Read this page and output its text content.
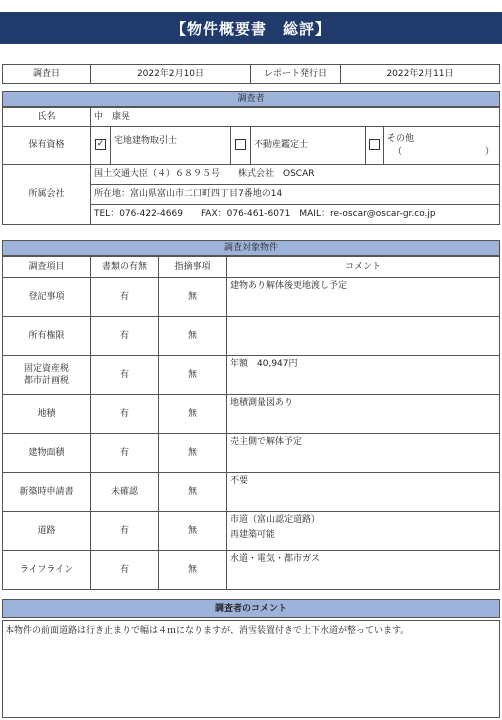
【物件概要書　総評】
調査日	2022年2月10日	レポート発行日	2022年2月11日
調査者
氏名	中　康晃					
保有資格	✓	宅地建物取引士		不動産鑑定士		その他
（ ）

所属会社	国土交通大臣（４）６８９５号　　株式会社　OSCAR					
	所在地：富山県富山市二口町四丁目7番地の14					
	TEL：076-422-4669　　FAX：076-461-6071　MAIL：re-oscar@oscar-gr.co.jp					
調査対象物件
調査項目	書類の有無	指摘事項	コメント
登記事項	有	無	建物あり解体後更地渡し予定
所有権限	有	無	

固定資産税
都市計画税	有	無	年額　40,947円
地積	有	無	地積測量図あり
建物面積	有	無	売主側で解体予定
新築時申請書	未確認	無	不要
道路	有	無	市道（富山認定道路）
再建築可能

ライフライン	有	無	水道・電気・都市ガス
調査者のコメント
本物件の前面道路は行き止まりで幅は４ｍになりますが、消雪装置付きで上下水道が整っています。
